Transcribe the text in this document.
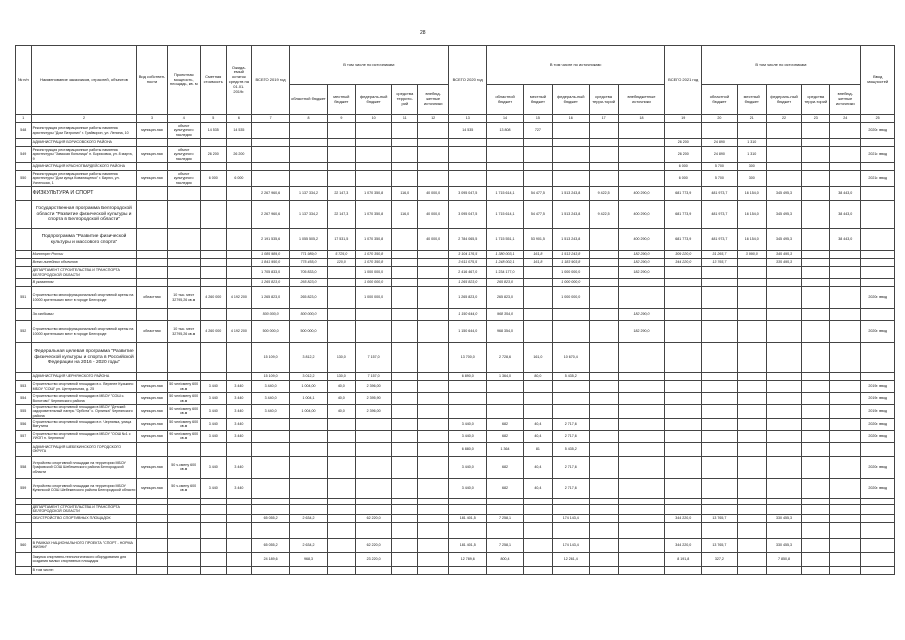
28
№ п/п	Наименование заказчиков, отраслей, объектов	Вид собствен-ности	Проектная мощность, площадь, кв. м	Сметная стоимость	Ожида-емый остаток средств на 01.01. 2019г.	ВСЕГО 2019 год	В том числе по источникам:					ВСЕГО 2020 год	В том числе по источникам:					ВСЕГО 2021 год	В том числе по источникам:					Ввод мощностей
							областной бюджет	местный бюджет	федераль-ный бюджет	средства террито-рий	внебюд-жетные источники		областной бюджет	местный бюджет	федераль-ный бюджет	средства терри-торий	внебюджетные источники		областной бюджет	местный бюджет	федераль-ный бюджет	средства терри-торий	внебюд-жетные источники	
1	2	3	4	5	6	7	8	9	10	11	12	13	14	15	16	17	18	19	20	21	22	23	24	25
548	Реконструкция реставрационные работы памятник архитектуры "Дом Патроних" г. Грайворон, ул. Ленина, 10	муницип-ная	объект культурного наследия	14 535	14 535							14 535	13 808	727										2020г. ввод
	АДМИНИСТРАЦИЯ БОРИСОВСКОГО РАЙОНА																	26 200	24 890	1 310				
549	Реконструкция реставрационные работы памятник архитектуры "Замская больница" п. Борисовка, ул. 8 марта, 9	муницип-ная	объект культурного наследия	26 200	26 200													26 200	24 890	1 310				2021г. ввод
	АДМИНИСТРАЦИЯ КРАСНОГВАРДЕЙСКОГО РАЙОНА																	6 000	5 700	300				
550	Реконструкция реставрационные работы памятник архитектуры "Дом купца Ковалищенко" г. Бирюч, ул. Успенская, 1	муницип-ная	объект культурного наследия	6 000	6 000													6 000	5 700	300				2021г. ввод
	ФИЗКУЛЬТУРА И СПОРТ					2 267 960,6	1 137 334,2	22 147,3	1 070 350,8	116,0	40 000,0	3 095 047,5	1 715 614,1	54 477,5	1 513 243,8	9 422,5	400 290,0	681 773,9	481 973,7	16 154,0	345 495,3		38 443,0	
	Государственная программа Белгородской области "Развитие физической культуры и спорта в Белгородской области"					2 267 960,6	1 137 334,2	22 147,3	1 070 350,8	116,0	40 000,0	3 095 047,5	1 715 614,1	54 477,5	1 513 243,8	9 422,5	400 290,0	681 773,9	481 973,7	16 154,0	345 495,3		38 443,0	
	Подпрограмма "Развитие физической культуры и массового спорта"					2 191 535,6	1 055 505,2	17 531,5	1 070 350,8		40 000,0	2 784 065,5	1 715 551,1	53 901,5	1 513 243,8		400 290,0	681 773,9	481 973,7	16 154,0	345 495,3		38 443,0	
	Минспорт России					1 085 989,0	771 989,0	5 725,0	1 070 350,8			3 104 176,5	1 380 003,1	161,8	1 513 243,8		182 290,0	309 220,0	31 265,7	3 990,0	345 495,3			
	Всего линейных объектов					1 841 950,0	775 455,0	120,0	1 070 350,8			3 611 075,5	1 248 002,1	161,8	1 183 903,8		182 290,0	344 220,0	13 765,7		335 495,3			
	ДЕПАРТАМЕНТ СТРОИТЕЛЬСТВА И ТРАНСПОРТА БЕЛГОРОДСКОЙ ОБЛАСТИ					1 705 833,0	705 833,0		1 000 000,0			2 416 467,0	1 234 177,0		1 000 000,0		182 290,0							
	В указанном					1 265 823,0	265 823,0		1 000 000,0			1 265 823,0	265 823,0		1 000 000,0									
551	Строительство многофункциональной спортивной арены на 10000 зрительских мест в городе Белгороде	областная	10 тыс. мест 32795,26 кв.м	4 260 000	4 192 200	1 265 823,0	265 823,0		1 000 000,0			1 265 823,0	265 823,0		1 000 000,0									2020г. ввод
	За скобками					500 000,0	500 000,0					1 150 644,0	968 354,0				182 290,0							
552	Строительство многофункциональной спортивной арены на 10000 зрительских мест в городе Белгороде	областная	10 тыс. мест 32795,26 кв.м	4 260 000	4 192 200	500 000,0	500 000,0					1 150 644,0	968 354,0				182 290,0							2020г. ввод
	Федеральная целевая программа "Развитие физической культуры и спорта в Российской Федерации на 2016 - 2020 годы"					15 109,0	3 812,2	130,0	7 157,0			13 700,0	2 728,6	161,0	10 670,4									
	АДМИНИСТРАЦИЯ ЧЕРНЯНСКОГО РАЙОНА					15 109,0	3 012,2	130,0	7 157,0			6 890,0	1 364,0	80,0	5 435,2									
553	Строительство спортивной площадки в с. Верхнее Кузькино МБОУ "СОШ" ул. Центральная, д. 25	муницип-ная	50 чел/смену 600 кв.м	3 440	3 440	3 440,0	1 004,00	40,0	2 396,00															2019г. ввод
554	Строительство спортивной площадки в МБОУ "СОШ с. Волотово" Чернянского района	муницип-ная	50 чел/смену 600 кв.м	3 440	3 440	3 440,0	1 004,1	40,0	2 395,90															2019г. ввод
555	Строительство спортивной площадки в МБОУ "Детский оздоровительный лагерь "Орбита" с. Орлинка" Чернянского района	муницип-ная	50 чел/смену 600 кв.м	3 440	3 440	3 440,0	1 004,00	40,0	2 396,00															2019г. ввод
556	Строительство спортивной площадки в п. Чернянка, улица Ватутина	муницип-ная	50 чел/смену 600 кв.м	3 440	3 440							3 440,0	682	40,4	2 717,6									2020г. ввод
557	Строительство спортивной площадки в МБОУ "ООШ №1 с УИОП п. Чернянка"	муницип-ная	90 чел/смену 600 кв.м	3 440	3 440							3 440,0	682	40,4	2 717,6									2020г. ввод
	АДМИНИСТРАЦИЯ ШЕБЕКИНСКОГО ГОРОДСКОГО ОКРУГА											6 880,0	1 364	81	5 435,2									
558	Устройство спортивной площадки на территории МБОУ Графовской СОШ Шебекинского района Белгородской области	муницип-ная	50 ч.смену 600 кв.м	3 440	3 440							3 440,0	682	40,4	2 717,6									2020г. ввод
559	Устройство спортивной площадки на территории МБОУ Купинской СОШ Шебекинского района Белгородской области	муницип-ная	50 ч.смену 600 кв.м	3 440	3 440							3 440,0	682	40,4	2 717,6									2020г. ввод

	ДЕПАРТАМЕНТ СТРОИТЕЛЬСТВА И ТРАНСПОРТА БЕЛГОРОДСКОЙ ОБЛАСТИ																							
	ОБУСТРОЙСТВО СПОРТИВНЫХ ПЛОЩАДОК					65 055,2	2 634,2		62 220,0			181 401,5	7 258,1		174 143,4			344 220,0	13 765,7		330 455,3			

560	В РАМКАХ НАЦИОНАЛЬНОГО ПРОЕКТА "СПОРТ - НОРМА ЖИЗНИ"					65 055,2	2 634,2		62 220,0			181 401,5	7 258,1		174 143,4			344 220,0	13 765,7		330 455,3			
	Закупка спортивно-технологического оборудования для создания малых спортивных площадок					24 189,6	968,3		23 220,0			12 789,6	800,4		12 261,4			8 191,8	327,2		7 850,8			
	В том числе:																							
